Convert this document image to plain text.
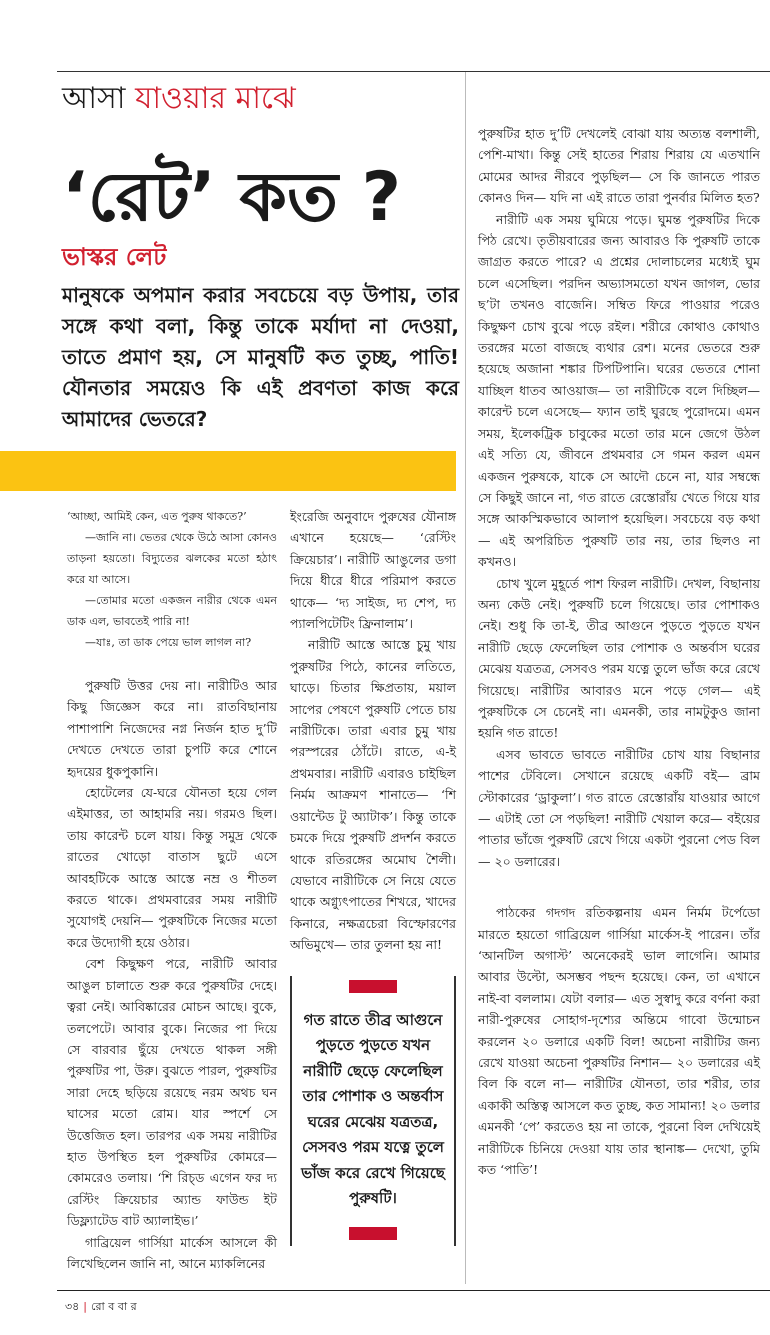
আসা যাওয়ার মাঝে
‘রেট’ কত ?
ভাস্কর লেট
মানুষকে অপমান করার সবচেয়ে বড় উপায়, তার সঙ্গে কথা বলা, কিন্তু তাকে মর্যাদা না দেওয়া, তাতে প্রমাণ হয়, সে মানুষটি কত তুচ্ছ, পাতি! যৌনতার সময়েও কি এই প্রবণতা কাজ করে আমাদের ভেতরে?

‘আচ্ছা, আমিই কেন, এত পুরুষ থাকতে?’

—জানি না। ভেতর থেকে উঠে আসা কোনও তাড়না হয়তো। বিদ্যুতের ঝলকের মতো হঠাৎ করে যা আসে।

—তোমার মতো একজন নারীর থেকে এমন ডাক এল, ভাবতেই পারি না!

—যাঃ, তা ডাক পেয়ে ভাল লাগল না?

পুরুষটি উত্তর দেয় না। নারীটিও আর কিছু জিজ্ঞেস করে না। রাতবিছানায় পাশাপাশি নিজেদের নগ্ন নির্জন হাত দু’টি দেখতে দেখতে তারা চুপটি করে শোনে হৃদয়ের ধুকপুকানি।

হোটেলের যে-ঘরে যৌনতা হয়ে গেল এইমাত্তর, তা আহামরি নয়। গরমও ছিল। তায় কারেন্ট চলে যায়। কিন্তু সমুদ্র থেকে রাতের খোড়ো বাতাস ছুটে এসে আবহটিকে আস্তে আস্তে নম্র ও শীতল করতে থাকে। প্রথমবারের সময় নারীটি সুযোগই দেয়নি— পুরুষটিকে নিজের মতো করে উদ্যোগী হয়ে ওঠার।

বেশ কিছুক্ষণ পরে, নারীটি আবার আঙুল চালাতে শুরু করে পুরুষটির দেহে। ত্বরা নেই। আবিষ্কারের মোচন আছে। বুকে, তলপেটে। আবার বুকে। নিজের পা দিয়ে সে বারবার ছুঁয়ে দেখতে থাকল সঙ্গী পুরুষটির পা, উরু। বুঝতে পারল, পুরুষটির সারা দেহে ছড়িয়ে রয়েছে নরম অথচ ঘন ঘাসের মতো রোম। যার স্পর্শে সে উত্তেজিত হল। তারপর এক সময় নারীটির হাত উপস্থিত হল পুরুষটির কোমরে— কোমরেও তলায়। ‘শি রিচ্‌ড এগেন ফর দ্য রেস্টিং ক্রিয়েচার অ্যান্ড ফাউন্ড ইট ডিফ্ল্যাটেড বাট অ্যালাইভ।’

গাব্রিয়েল গার্সিয়া মার্কেস আসলে কী লিখেছিলেন জানি না, আনে ম্যাকলিনের

ইংরেজি অনুবাদে পুরুষের যৌনাঙ্গ এখানে হয়েছে— ‘রেস্টিং ক্রিয়েচার’। নারীটি আঙুলের ডগা দিয়ে ধীরে ধীরে পরিমাপ করতে থাকে— ‘দ্য সাইজ, দ্য শেপ, দ্য প্যালপিটেটিং ফ্রিনালাম’।

নারীটি আস্তে আস্তে চুমু খায় পুরুষটির পিঠে, কানের লতিতে, ঘাড়ে। চিতার ক্ষিপ্রতায়, ময়াল সাপের পেষণে পুরুষটি পেতে চায় নারীটিকে। তারা এবার চুমু খায় পরস্পরের ঠোঁটে। রাতে, এ-ই প্রথমবার। নারীটি এবারও চাইছিল নির্মম আক্রমণ শানাতে— ‘শি ওয়ান্টেড টু অ্যাটাক’। কিন্তু তাকে চমকে দিয়ে পুরুষটি প্রদর্শন করতে থাকে রতিরঙ্গের অমোঘ শৈলী। যেভাবে নারীটিকে সে নিয়ে যেতে থাকে অগ্ন্যুৎপাতের শিখরে, খাদের কিনারে, নক্ষত্রচেরা বিস্ফোরণের অভিমুখে— তার তুলনা হয় না!

গত রাতে তীব্র আগুনে পুড়তে পুড়তে যখন নারীটি ছেড়ে ফেলেছিল তার পোশাক ও অন্তর্বাস ঘরের মেঝেয় যত্রতত্র, সেসবও পরম যত্নে তুলে ভাঁজ করে রেখে গিয়েছে পুরুষটি।

পুরুষটির হাত দু’টি দেখলেই বোঝা যায় অত্যন্ত বলশালী, পেশি-মাখা। কিন্তু সেই হাতের শিরায় শিরায় যে এতখানি মোমের আদর নীরবে পুড়ছিল— সে কি জানতে পারত কোনও দিন— যদি না এই রাতে তারা পুনর্বার মিলিত হত?

নারীটি এক সময় ঘুমিয়ে পড়ে। ঘুমন্ত পুরুষটির দিকে পিঠ রেখে। তৃতীয়বারের জন্য আবারও কি পুরুষটি তাকে জাগ্রত করতে পারে? এ প্রশ্নের দোলাচলের মধ্যেই ঘুম চলে এসেছিল। পরদিন অভ্যাসমতো যখন জাগল, ভোর ছ’টা তখনও বাজেনি। সম্বিত ফিরে পাওয়ার পরেও কিছুক্ষণ চোখ বুঝে পড়ে রইল। শরীরে কোথাও কোথাও তরঙ্গের মতো বাজছে ব্যথার রেশ। মনের ভেতরে শুরু হয়েছে অজানা শঙ্কার টিপটিপানি। ঘরের ভেতরে শোনা যাচ্ছিল ধাতব আওয়াজ— তা নারীটিকে বলে দিচ্ছিল— কারেন্ট চলে এসেছে— ফ্যান তাই ঘুরছে পুরোদমে। এমন সময়, ইলেকট্রিক চাবুকের মতো তার মনে জেগে উঠল এই সত্যি যে, জীবনে প্রথমবার সে গমন করল এমন একজন পুরুষকে, যাকে সে আদৌ চেনে না, যার সম্বন্ধে সে কিছুই জানে না, গত রাতে রেস্তোরাঁয় খেতে গিয়ে যার সঙ্গে আকস্মিকভাবে আলাপ হয়েছিল। সবচেয়ে বড় কথা— এই অপরিচিত পুরুষটি তার নয়, তার ছিলও না কখনও।

চোখ খুলে মুহূর্তে পাশ ফিরল নারীটি। দেখল, বিছানায় অন্য কেউ নেই। পুরুষটি চলে গিয়েছে। তার পোশাকও নেই। শুধু কি তা-ই, তীব্র আগুনে পুড়তে পুড়তে যখন নারীটি ছেড়ে ফেলেছিল তার পোশাক ও অন্তর্বাস ঘরের মেঝেয় যত্রতত্র, সেসবও পরম যত্নে তুলে ভাঁজ করে রেখে গিয়েছে। নারীটির আবারও মনে পড়ে গেল— এই পুরুষটিকে সে চেনেই না। এমনকী, তার নামটুকুও জানা হয়নি গত রাতে!

এসব ভাবতে ভাবতে নারীটির চোখ যায় বিছানার পাশের টেবিলে। সেখানে রয়েছে একটি বই— ব্রাম স্টোকারের ‘ড্রাকুলা’। গত রাতে রেস্তোরাঁয় যাওয়ার আগে— এটাই তো সে পড়ছিল! নারীটি খেয়াল করে— বইয়ের পাতার ভাঁজে পুরুষটি রেখে গিয়ে একটা পুরনো পেড বিল— ২০ ডলারের।

পাঠকের গদগদ রতিকল্পনায় এমন নির্মম টর্পেডো মারতে হয়তো গাব্রিয়েল গার্সিয়া মার্কেস-ই পারেন। তাঁর ‘আনটিল অগাস্ট’ অনেকেরই ভাল লাগেনি। আমার আবার উল্টো, অসম্ভব পছন্দ হয়েছে। কেন, তা এখানে নাই-বা বললাম। যেটা বলার— এত সুস্বাদু করে বর্ণনা করা নারী-পুরুষের সোহাগ-দৃশ্যের অন্তিমে গাবো উন্মোচন করলেন ২০ ডলারে একটি বিল! অচেনা নারীটির জন্য রেখে যাওয়া অচেনা পুরুষটির নিশান— ২০ ডলারের এই বিল কি বলে না— নারীটির যৌনতা, তার শরীর, তার একাকী অস্তিত্ব আসলে কত তুচ্ছ, কত সামান্য! ২০ ডলার এমনকী ‘পে’ করতেও হয় না তাকে, পুরনো বিল দেখিয়েই নারীটিকে চিনিয়ে দেওয়া যায় তার স্থানাঙ্ক— দেখো, তুমি কত ‘পাতি’!

৩৪ | রো ব বা র
